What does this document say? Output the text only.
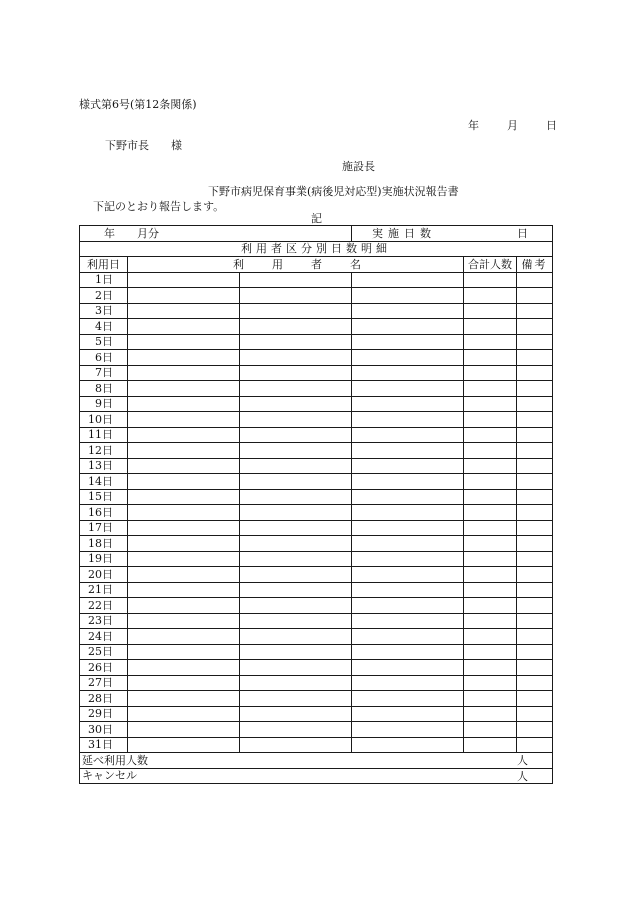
様式第6号(第12条関係)
年	月	日
下野市長 様
施設長
下野市病児保育事業(病後児対応型)実施状況報告書
下記のとおり報告します。
記
年 月分			実施日数 日		

利用者区分別日数明細					
利用日	利 用 者 名			合計人数	備考
1日					
2日					
3日					
4日					
5日					
6日					
7日					
8日					
9日					
10日					
11日					
12日					
13日					
14日					
15日					
16日					
17日					
18日					
19日					
20日					
21日					
22日					
23日					
24日					
25日					
26日					
27日					
28日					
29日					
30日					
31日					
延べ利用人数 人					

キャンセル 人					
